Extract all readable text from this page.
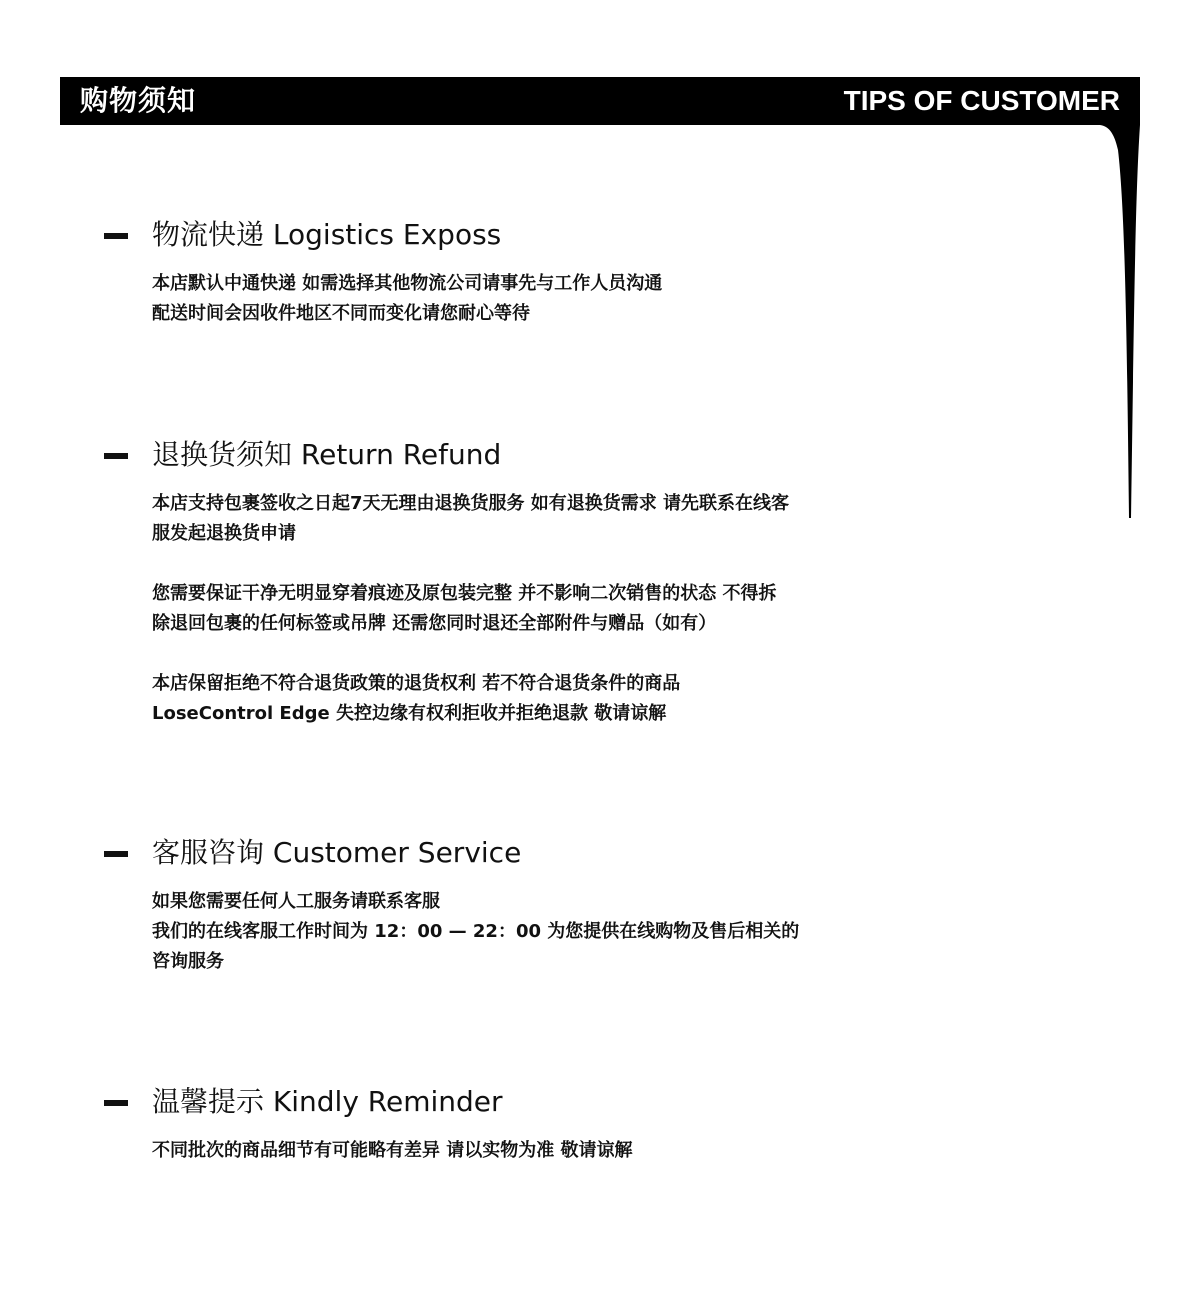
购物须知	TIPS OF CUSTOMER
物流快递 Logistics Exposs
本店默认中通快递 如需选择其他物流公司请事先与工作人员沟通
配送时间会因收件地区不同而变化请您耐心等待
退换货须知 Return Refund
本店支持包裹签收之日起7天无理由退换货服务 如有退换货需求 请先联系在线客
服发起退换货申请
您需要保证干净无明显穿着痕迹及原包装完整 并不影响二次销售的状态 不得拆
除退回包裹的任何标签或吊牌 还需您同时退还全部附件与赠品（如有）
本店保留拒绝不符合退货政策的退货权利 若不符合退货条件的商品
LoseControl Edge 失控边缘有权利拒收并拒绝退款 敬请谅解
客服咨询 Customer Service
如果您需要任何人工服务请联系客服
我们的在线客服工作时间为 12：00 — 22：00 为您提供在线购物及售后相关的
咨询服务
温馨提示 Kindly Reminder
不同批次的商品细节有可能略有差异 请以实物为准 敬请谅解
